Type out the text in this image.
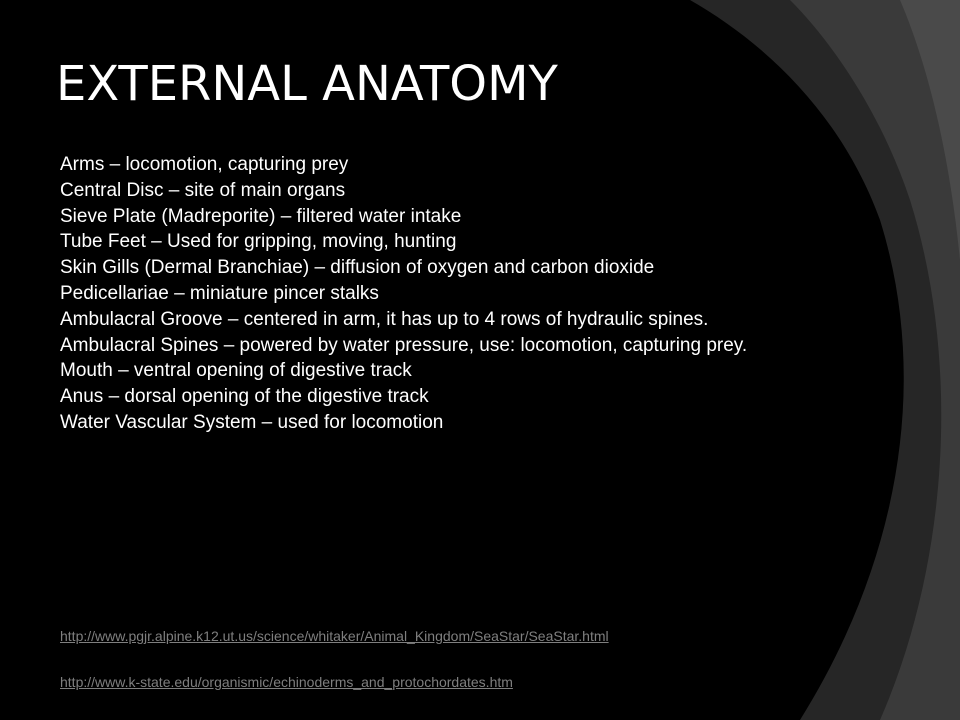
EXTERNAL ANATOMY
Arms – locomotion, capturing prey
Central Disc – site of main organs
Sieve Plate (Madreporite) – filtered water intake
Tube Feet – Used for gripping, moving, hunting
Skin Gills (Dermal Branchiae) – diffusion of oxygen and carbon dioxide
Pedicellariae – miniature pincer stalks
Ambulacral Groove – centered in arm, it has up to 4 rows of hydraulic spines.
Ambulacral Spines – powered by water pressure, use: locomotion, capturing prey.
Mouth – ventral opening of digestive track
Anus – dorsal opening of the digestive track
Water Vascular System – used for locomotion
http://www.pgjr.alpine.k12.ut.us/science/whitaker/Animal_Kingdom/SeaStar/SeaStar.html
http://www.k-state.edu/organismic/echinoderms_and_protochordates.htm
